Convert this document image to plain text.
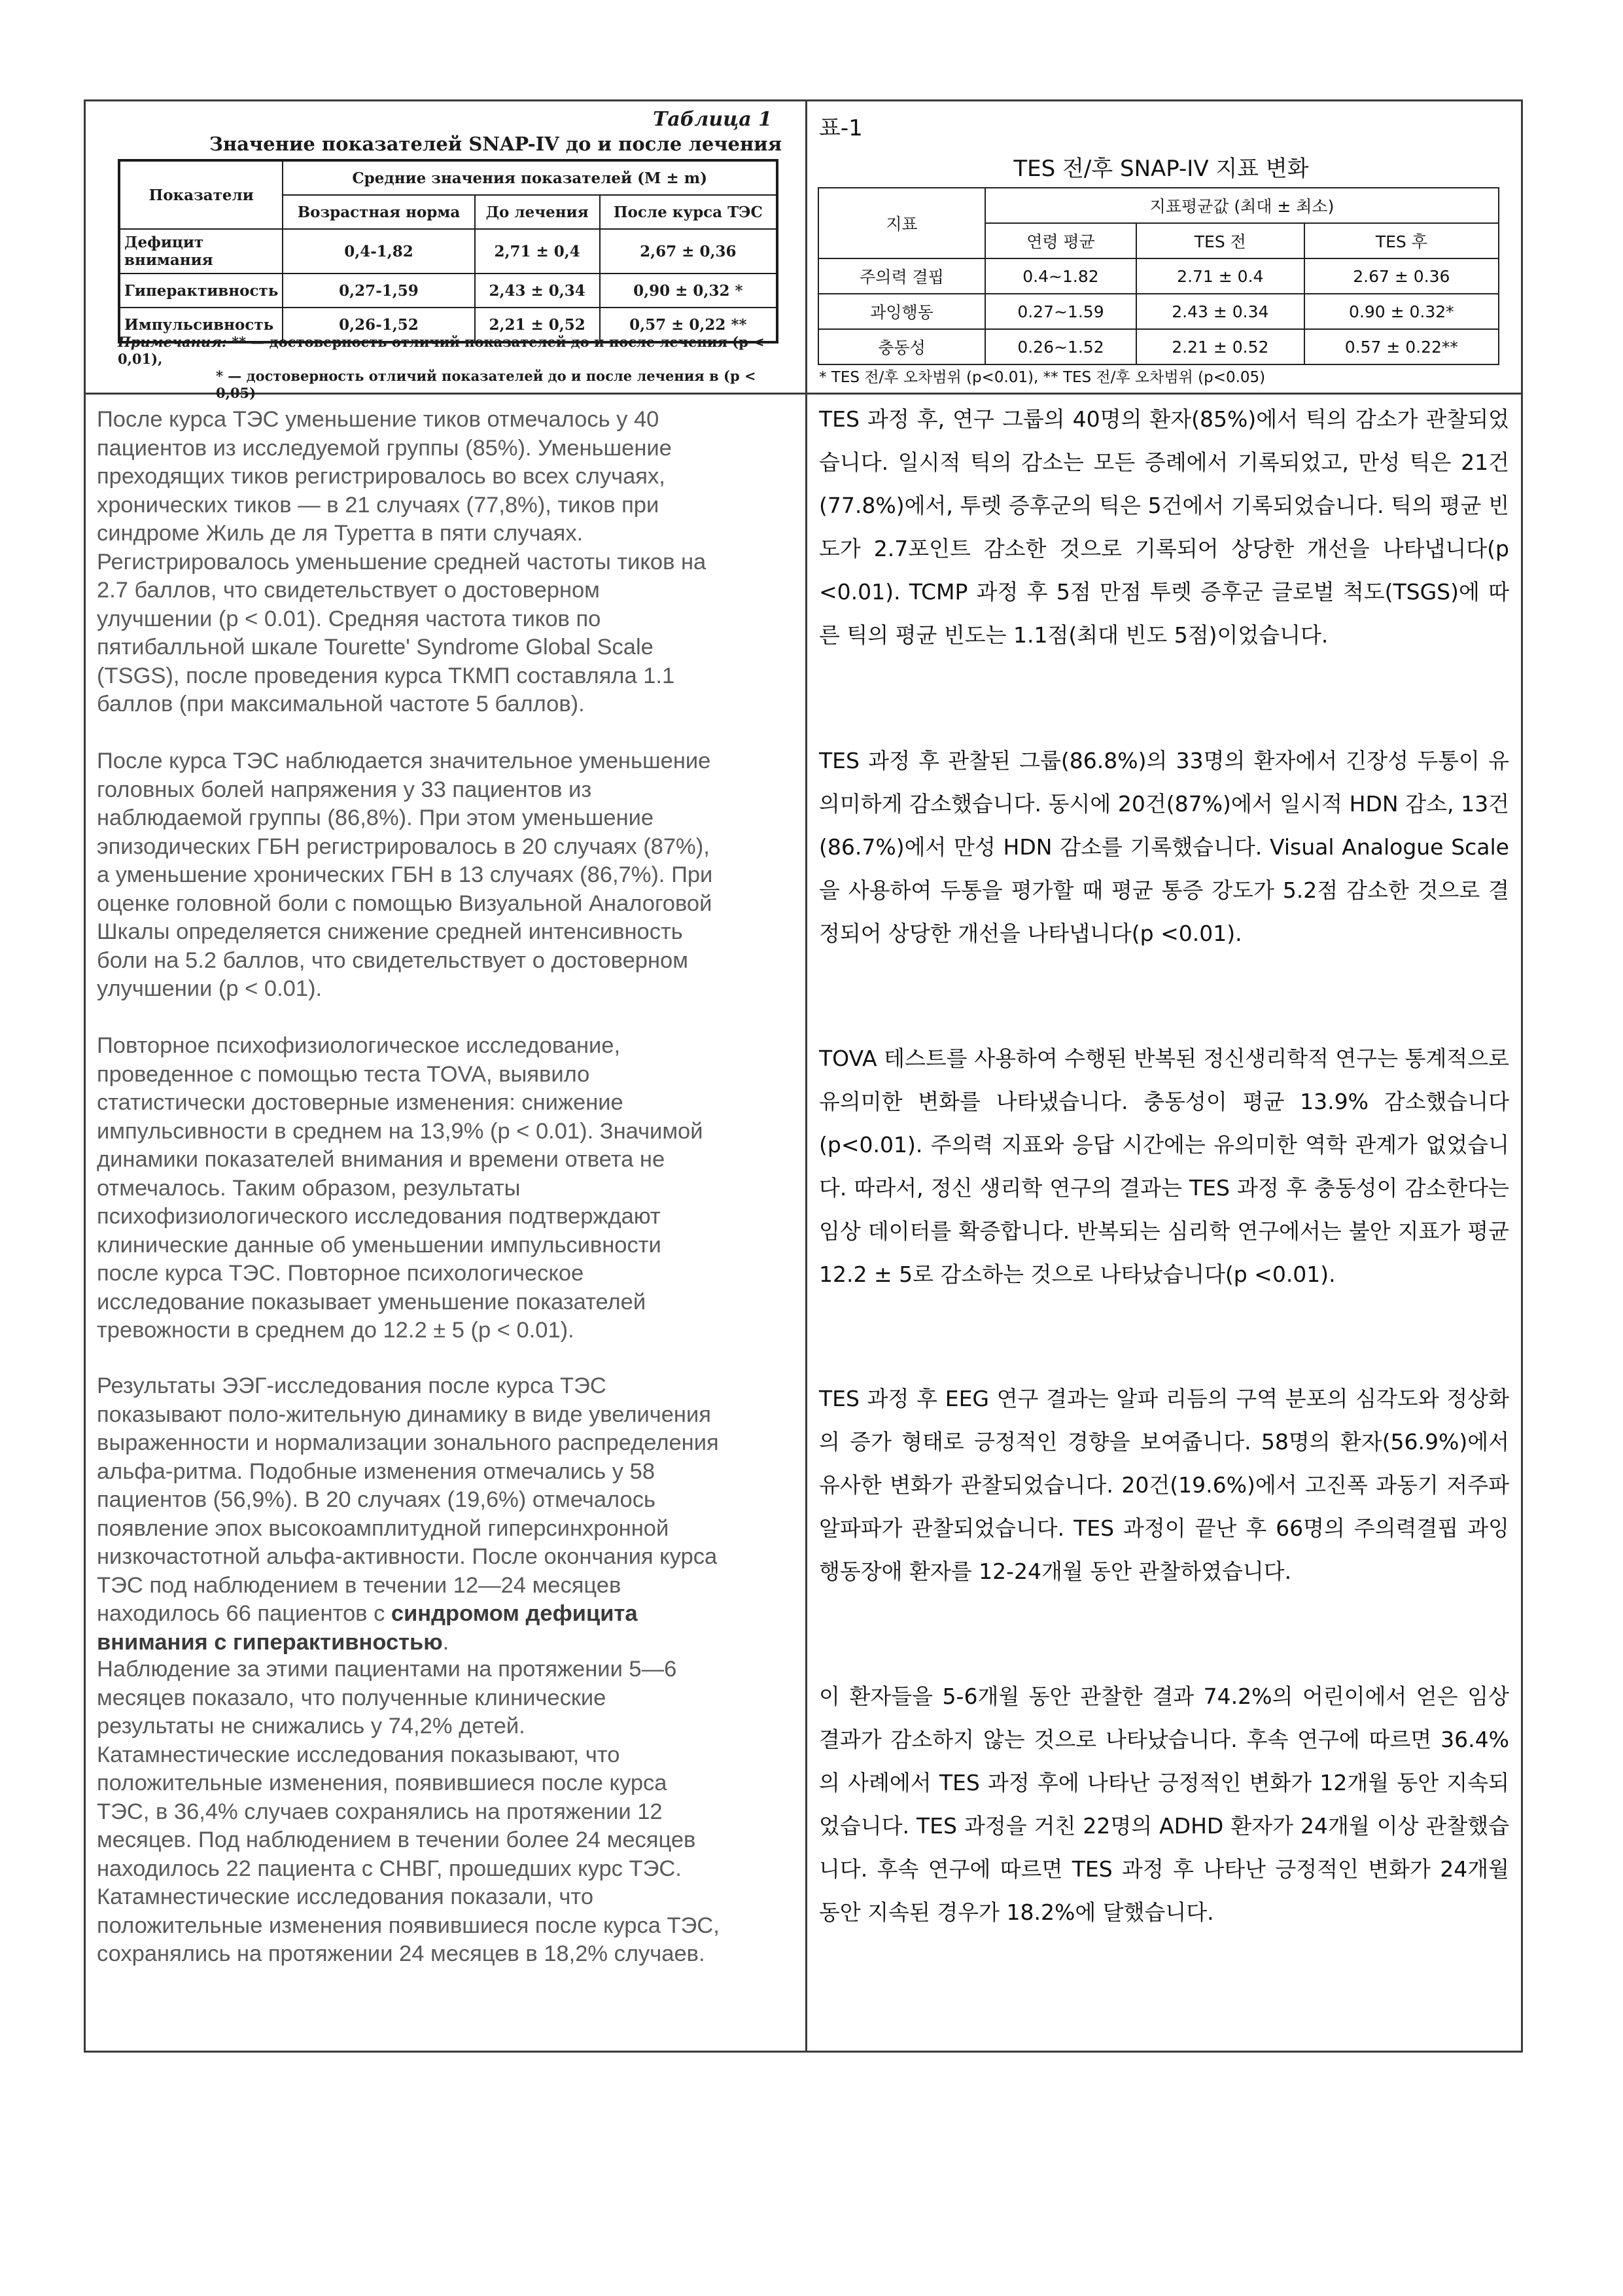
Таблица 1
Значение показателей SNAP-IV до и после лечения
Показатели	Средние значения показателей (M ± m)		
	Возрастная норма	До лечения	После курса ТЭС
Дефицит внимания	0,4-1,82	2,71 ± 0,4	2,67 ± 0,36
Гиперактивность	0,27-1,59	2,43 ± 0,34	0,90 ± 0,32 *
Импульсивность	0,26-1,52	2,21 ± 0,52	0,57 ± 0,22 **
Примечания: ** — достоверность отличий показателей до и после лечения (p < 0,01),
* — достоверность отличий показателей до и после лечения в (p < 0,05)
표-1
TES 전/후 SNAP-IV 지표 변화
지표	지표평균값 (최대 ± 최소)		
	연령 평균	TES 전	TES 후
주의력 결핍	0.4~1.82	2.71 ± 0.4	2.67 ± 0.36
과잉행동	0.27~1.59	2.43 ± 0.34	0.90 ± 0.32*
충동성	0.26~1.52	2.21 ± 0.52	0.57 ± 0.22**
* TES 전/후 오차범위 (p<0.01), ** TES 전/후 오차범위 (p<0.05)
После курса ТЭС уменьшение тиков отмечалось у 40
пациентов из исследуемой группы (85%). Уменьшение
преходящих тиков регистрировалось во всех случаях,
хронических тиков — в 21 случаях (77,8%), тиков при
синдроме Жиль де ля Туретта в пяти случаях.
Регистрировалось уменьшение средней частоты тиков на
2.7 баллов, что свидетельствует о достоверном
улучшении (p < 0.01). Средняя частота тиков по
пятибалльной шкале Tourette' Syndrome Global Scale
(TSGS), после проведения курса ТКМП составляла 1.1
баллов (при максимальной частоте 5 баллов).
После курса ТЭС наблюдается значительное уменьшение
головных болей напряжения у 33 пациентов из
наблюдаемой группы (86,8%). При этом уменьшение
эпизодических ГБН регистрировалось в 20 случаях (87%),
а уменьшение хронических ГБН в 13 случаях (86,7%). При
оценке головной боли с помощью Визуальной Аналоговой
Шкалы определяется снижение средней интенсивность
боли на 5.2 баллов, что свидетельствует о достоверном
улучшении (p < 0.01).
Повторное психофизиологическое исследование,
проведенное с помощью теста TOVA, выявило
статистически достоверные изменения: снижение
импульсивности в среднем на 13,9% (p < 0.01). Значимой
динамики показателей внимания и времени ответа не
отмечалось. Таким образом, результаты
психофизиологического исследования подтверждают
клинические данные об уменьшении импульсивности
после курса ТЭС. Повторное психологическое
исследование показывает уменьшение показателей
тревожности в среднем до 12.2 ± 5 (p < 0.01).
Результаты ЭЭГ-исследования после курса ТЭС
показывают поло-жительную динамику в виде увеличения
выраженности и нормализации зонального распределения
альфа-ритма. Подобные изменения отмечались у 58
пациентов (56,9%). В 20 случаях (19,6%) отмечалось
появление эпох высокоамплитудной гиперсинхронной
низкочастотной альфа-активности. После окончания курса
ТЭС под наблюдением в течении 12—24 месяцев
находилось 66 пациентов с синдромом дефицита
внимания с гиперактивностью.
Наблюдение за этими пациентами на протяжении 5—6
месяцев показало, что полученные клинические
результаты не снижались у 74,2% детей.
Катамнестические исследования показывают, что
положительные изменения, появившиеся после курса
ТЭС, в 36,4% случаев сохранялись на протяжении 12
месяцев. Под наблюдением в течении более 24 месяцев
находилось 22 пациента с СНВГ, прошедших курс ТЭС.
Катамнестические исследования показали, что
положительные изменения появившиеся после курса ТЭС,
сохранялись на протяжении 24 месяцев в 18,2% случаев.
TES 과정 후, 연구 그룹의 40명의 환자(85%)에서 틱의 감소가 관찰되었습니다. 일시적 틱의 감소는 모든 증례에서 기록되었고, 만성 틱은 21건(77.8%)에서, 투렛 증후군의 틱은 5건에서 기록되었습니다. 틱의 평균 빈도가 2.7포인트 감소한 것으로 기록되어 상당한 개선을 나타냅니다(p <0.01). TCMP 과정 후 5점 만점 투렛 증후군 글로벌 척도(TSGS)에 따른 틱의 평균 빈도는 1.1점(최대 빈도 5점)이었습니다.
TES 과정 후 관찰된 그룹(86.8%)의 33명의 환자에서 긴장성 두통이 유의미하게 감소했습니다. 동시에 20건(87%)에서 일시적 HDN 감소, 13건(86.7%)에서 만성 HDN 감소를 기록했습니다. Visual Analogue Scale을 사용하여 두통을 평가할 때 평균 통증 강도가 5.2점 감소한 것으로 결정되어 상당한 개선을 나타냅니다(p <0.01).
TOVA 테스트를 사용하여 수행된 반복된 정신생리학적 연구는 통계적으로 유의미한 변화를 나타냈습니다. 충동성이 평균 13.9% 감소했습니다(p<0.01). 주의력 지표와 응답 시간에는 유의미한 역학 관계가 없었습니다. 따라서, 정신 생리학 연구의 결과는 TES 과정 후 충동성이 감소한다는 임상 데이터를 확증합니다. 반복되는 심리학 연구에서는 불안 지표가 평균 12.2 ± 5로 감소하는 것으로 나타났습니다(p <0.01).
TES 과정 후 EEG 연구 결과는 알파 리듬의 구역 분포의 심각도와 정상화의 증가 형태로 긍정적인 경향을 보여줍니다. 58명의 환자(56.9%)에서 유사한 변화가 관찰되었습니다. 20건(19.6%)에서 고진폭 과동기 저주파 알파파가 관찰되었습니다. TES 과정이 끝난 후 66명의 주의력결핍 과잉행동장애 환자를 12-24개월 동안 관찰하였습니다.
이 환자들을 5-6개월 동안 관찰한 결과 74.2%의 어린이에서 얻은 임상 결과가 감소하지 않는 것으로 나타났습니다. 후속 연구에 따르면 36.4%의 사례에서 TES 과정 후에 나타난 긍정적인 변화가 12개월 동안 지속되었습니다. TES 과정을 거친 22명의 ADHD 환자가 24개월 이상 관찰했습니다. 후속 연구에 따르면 TES 과정 후 나타난 긍정적인 변화가 24개월 동안 지속된 경우가 18.2%에 달했습니다.
